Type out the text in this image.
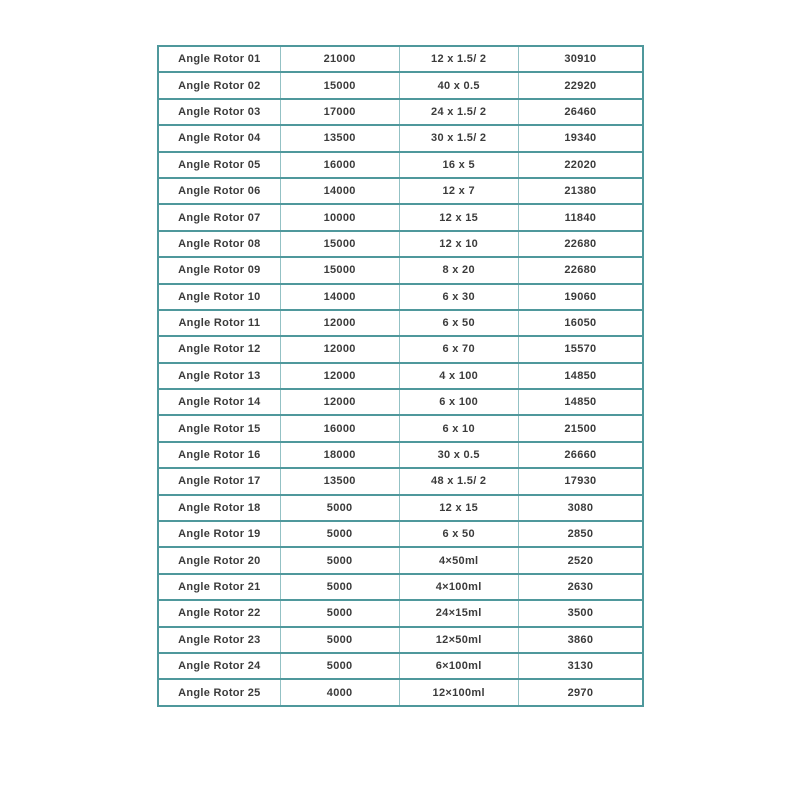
Angle Rotor 01	21000	12 x 1.5/ 2	30910
Angle Rotor 02	15000	40 x 0.5	22920
Angle Rotor 03	17000	24 x 1.5/ 2	26460
Angle Rotor 04	13500	30 x 1.5/ 2	19340
Angle Rotor 05	16000	16 x 5	22020
Angle Rotor 06	14000	12 x 7	21380
Angle Rotor 07	10000	12 x 15	11840
Angle Rotor 08	15000	12 x 10	22680
Angle Rotor 09	15000	8 x 20	22680
Angle Rotor 10	14000	6 x 30	19060
Angle Rotor 11	12000	6 x 50	16050
Angle Rotor 12	12000	6 x 70	15570
Angle Rotor 13	12000	4 x 100	14850
Angle Rotor 14	12000	6 x 100	14850
Angle Rotor 15	16000	6 x 10	21500
Angle Rotor 16	18000	30 x 0.5	26660
Angle Rotor 17	13500	48 x 1.5/ 2	17930
Angle Rotor 18	5000	12 x 15	3080
Angle Rotor 19	5000	6 x 50	2850
Angle Rotor 20	5000	4×50ml	2520
Angle Rotor 21	5000	4×100ml	2630
Angle Rotor 22	5000	24×15ml	3500
Angle Rotor 23	5000	12×50ml	3860
Angle Rotor 24	5000	6×100ml	3130
Angle Rotor 25	4000	12×100ml	2970
